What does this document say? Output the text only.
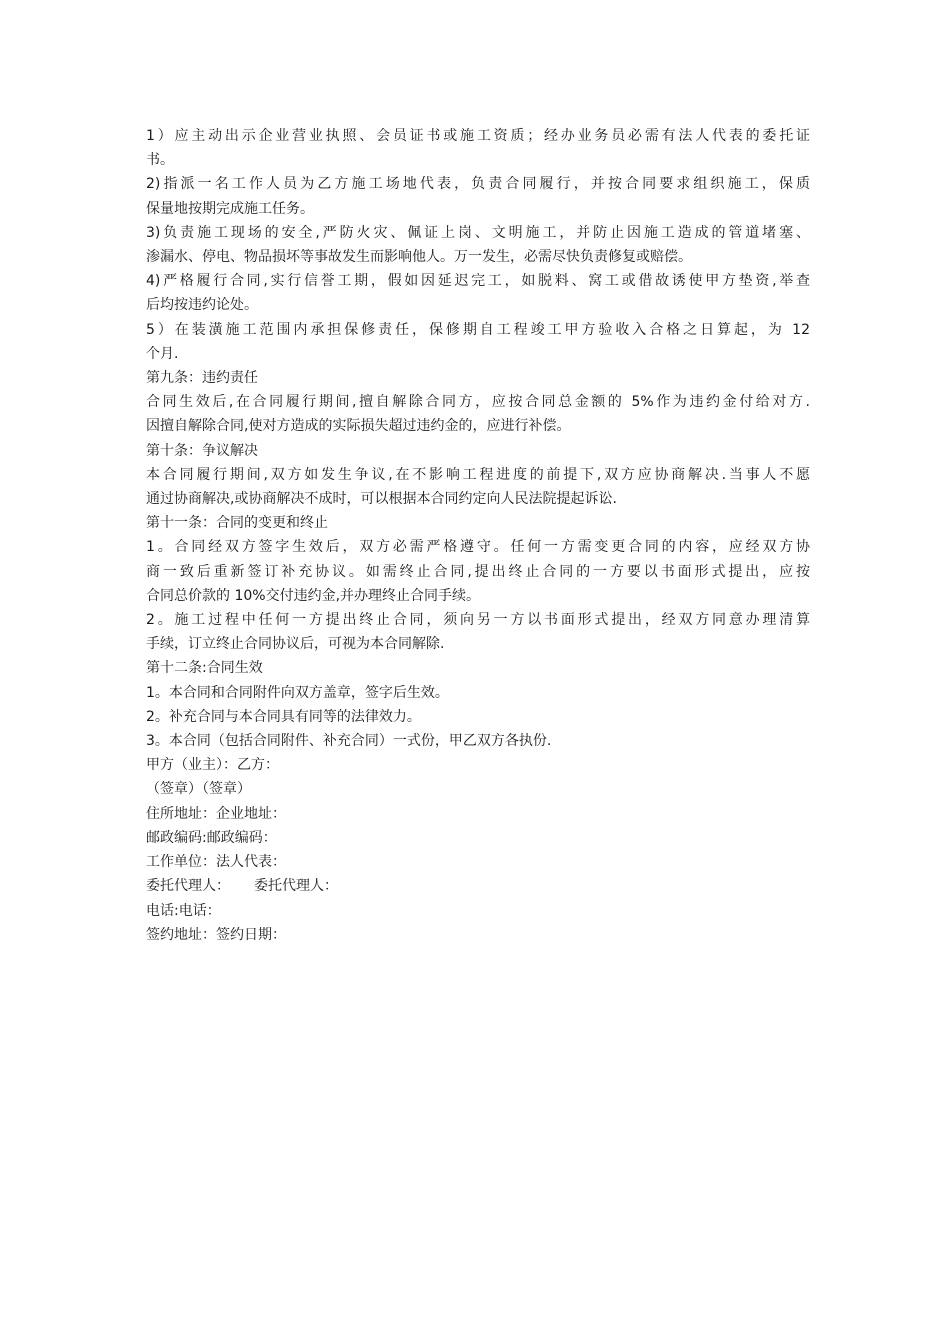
1）应主动出示企业营业执照、会员证书或施工资质；经办业务员必需有法人代表的委托证
书。
2)指派一名工作人员为乙方施工场地代表，负责合同履行，并按合同要求组织施工，保质
保量地按期完成施工任务。
3)负责施工现场的安全,严防火灾、佩证上岗、文明施工，并防止因施工造成的管道堵塞、
渗漏水、停电、物品损坏等事故发生而影响他人。万一发生，必需尽快负责修复或赔偿。
4)严格履行合同,实行信誉工期，假如因延迟完工，如脱料、窝工或借故诱使甲方垫资,举查
后均按违约论处。
5）在装潢施工范围内承担保修责任，保修期自工程竣工甲方验收入合格之日算起，为 12
个月.
第九条：违约责任
合同生效后,在合同履行期间,擅自解除合同方，应按合同总金额的 5%作为违约金付给对方.
因擅自解除合同,使对方造成的实际损失超过违约金的，应进行补偿。
第十条：争议解决
本合同履行期间,双方如发生争议,在不影响工程进度的前提下,双方应协商解决.当事人不愿
通过协商解决,或协商解决不成时，可以根据本合同约定向人民法院提起诉讼.
第十一条：合同的变更和终止
1。合同经双方签字生效后，双方必需严格遵守。任何一方需变更合同的内容，应经双方协
商一致后重新签订补充协议。如需终止合同,提出终止合同的一方要以书面形式提出，应按
合同总价款的 10%交付违约金,并办理终止合同手续。
2。施工过程中任何一方提出终止合同，须向另一方以书面形式提出，经双方同意办理清算
手续，订立终止合同协议后，可视为本合同解除.
第十二条:合同生效
1。本合同和合同附件向双方盖章，签字后生效。
2。补充合同与本合同具有同等的法律效力。
3。本合同（包括合同附件、补充合同）一式份，甲乙双方各执份.
甲方（业主）：乙方：
（签章）（签章）
住所地址：企业地址：
邮政编码:邮政编码：
工作单位：法人代表：
委托代理人： 委托代理人：
电话:电话：
签约地址：签约日期：
